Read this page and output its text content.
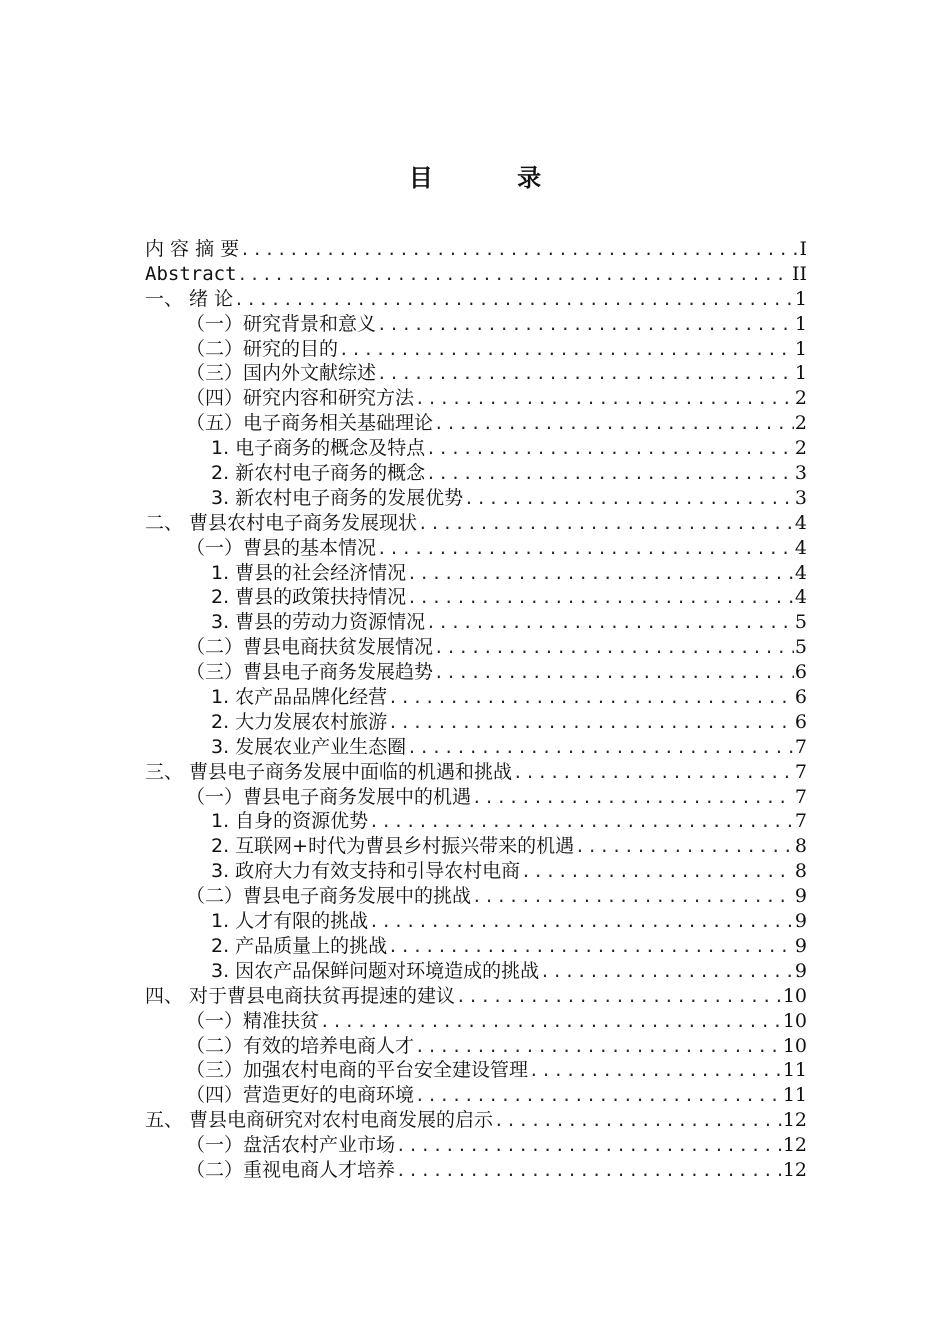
目 录
内 容 摘 要 .....	I
Abstract .....	II
一、 绪 论 .....	1
（一）研究背景和意义 .....	1
（二）研究的目的 .....	1
（三）国内外文献综述 .....	1
（四）研究内容和研究方法 .....	2
（五）电子商务相关基础理论 .....	2
1. 电子商务的概念及特点 .....	2
2. 新农村电子商务的概念 .....	3
3. 新农村电子商务的发展优势 .....	3
二、 曹县农村电子商务发展现状 .....	4
（一）曹县的基本情况 .....	4
1. 曹县的社会经济情况 .....	4
2. 曹县的政策扶持情况 .....	4
3. 曹县的劳动力资源情况 .....	5
（二）曹县电商扶贫发展情况 .....	5
（三）曹县电子商务发展趋势 .....	6
1. 农产品品牌化经营 .....	6
2. 大力发展农村旅游 .....	6
3. 发展农业产业生态圈 .....	7
三、 曹县电子商务发展中面临的机遇和挑战 .....	7
（一）曹县电子商务发展中的机遇 .....	7
1. 自身的资源优势 .....	7
2. 互联网+时代为曹县乡村振兴带来的机遇 .....	8
3. 政府大力有效支持和引导农村电商 .....	8
（二）曹县电子商务发展中的挑战 .....	9
1. 人才有限的挑战 .....	9
2. 产品质量上的挑战 .....	9
3. 因农产品保鲜问题对环境造成的挑战 .....	9
四、 对于曹县电商扶贫再提速的建议 .....	10
（一）精准扶贫 .....	10
（二）有效的培养电商人才 .....	10
（三）加强农村电商的平台安全建设管理 .....	11
（四）营造更好的电商环境 .....	11
五、 曹县电商研究对农村电商发展的启示 .....	12
（一）盘活农村产业市场 .....	12
（二）重视电商人才培养 .....	12
